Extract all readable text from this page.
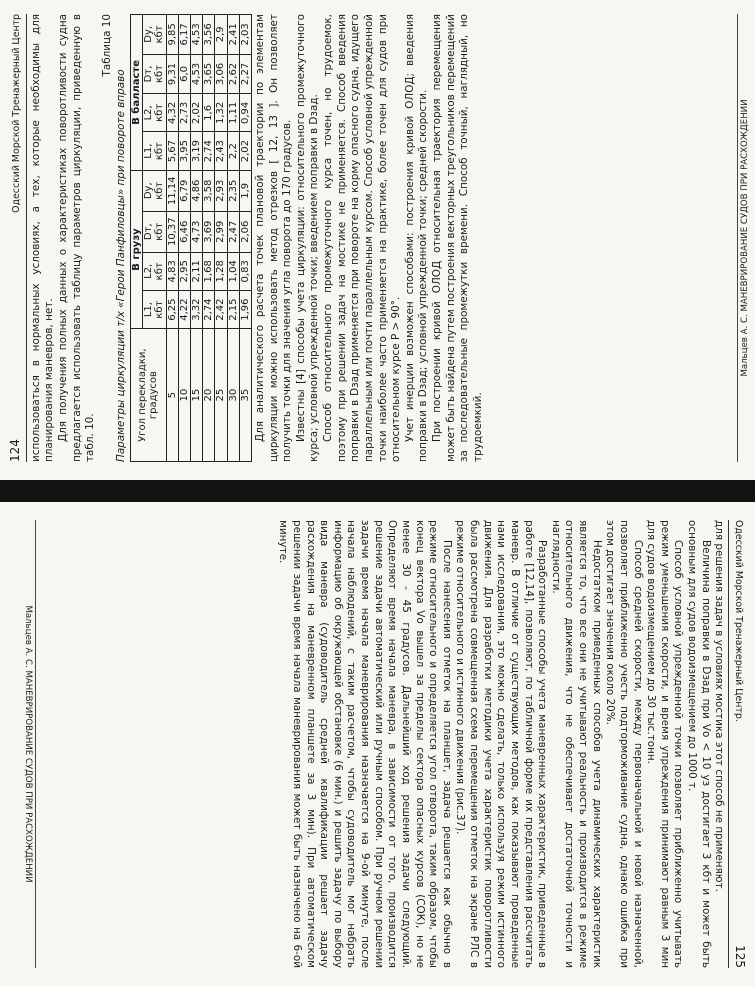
124
Одесский Морской Тренажерный Центр использоваться в нормальных условиях, а тех, которые необходимы для планирования маневров, нет. Для получения полных данных о характеристиках поворотливости судна предлагается использовать таблицу параметров циркуляции, приведенную в табл. 10.

Таблица 10
Параметры циркуляции т/х «Герои Панфиловцы» при повороте вправо Угол перекладки, градусов	В грузу				В балласте			
	L1, кбт	L2, кбт	Dт, кбт	Dy, кбт	L1, кбт	L2, кбт	Dт, кбт	Dy, кбт
5	6,25	4,83	10,37	11,14	5,67	4,32	9,31	9,85
10	4,22	2,95	6,46	6,79	3,95	2,73	6,0	6,17
15	3,32	2,11	4,73	4,86	3,19	2,02	4,53	4,53
20	2,74	1,68	3,69	3,58	2,74	1,6	3,65	3,56
25	2,42	1,28	2,99	2,93	2,43	1,32	3,06	2,9
30	2,15	1,04	2,47	2,35	2,2	1,11	2,62	2,41
35	1,96	0,83	2,06	1,9	2,02	0,94	2,27	2,03 Для аналитического расчета точек плановой траектории по элементам циркуляции можно использовать метод отрезков [ 12, 13 ]. Он позволяет получить точки для значения угла поворота до 170 градусов. Известны [4] способы учета циркуляции: относительного промежуточного курса; условной упрежденной точки; введением поправки в Dзад. Способ относительного промежуточного курса точен, но трудоемок, поэтому при решении задач на мостике не применяется. Способ введения поправки в Dзад применяется при повороте на корму опасного судна, идущего параллельным или почти параллельным курсом. Способ условной упрежденной точки наиболее часто применяется на практике, более точен для судов при относительном курсе Р > 90°. Учет инерции возможен способами: построения кривой ОЛОД; введения поправки в Dзад; условной упрежденной точки; средней скорости. При построении кривой ОЛОД относительная траектория перемещения может быть найдена путем построения векторных треугольников перемещений за последовательные промежутки времени. Способ точный, наглядный, но трудоемкий.

Мальцев А. С. МАНЕВРИРОВАНИЕ СУДОВ ПРИ РАСХОЖДЕНИИ
Одесский Морской Тренажерный Центр.
125

для решения задач в условиях мостика этот способ не применяют.

Величина поправки в Dзад при Vо < 10 уз достигает 3 кбт и может быть основным для судов водоизмещением до 1000 т.

Способ условной упрежденной точки позволяет приближенно учитывать режим уменьшения скорости, и время упреждения принимают равным 3 мин для судов водоизмещением до 30 тыс.тонн.

Способ средней скорости, между первоначальной и новой назначенной, позволяет приближенно учесть подторможивание судна, однако ошибка при этом достигает значения около 20%.

Недостатком приведенных способов учета динамических характеристик является то, что все они не учитывают реальность и производится в режиме относительного движения, что не обеспечивает достаточной точности и наглядности.

Разработанные способы учета маневренных характеристик, приведенные в работе [12,14], позволяют, по табличной форме их представления рассчитать маневр. В отличие от существующих методов, как показывают проведенные нами исследования, это можно сделать, только используя режим истинного движения. Для разработки методики учета характеристик поворотливости была рассмотрена совмещенная схема перемещения отметок на экране РЛС в режиме относительного и истинного движения (рис.37).

После нанесения отметок на планшет, задача решается как обычно в режиме относительного и определяется угол отворота, таким образом, чтобы конец вектора Vо вышел за пределы сектора опасных курсов (СОК), но не менее 30 - 45 градусов. Дальнейший ход решения задачи следующий. Определяют время начала маневра, в зависимости от того, производится решение задачи автоматический или ручным способом. При ручном решении задачи время начала маневрирования назначается на 9-ой минуте, после начала наблюдений, с таким расчетом, чтобы судоводитель мог набрать информацию об окружающей обстановке (6 мин.) и решить задачу по выбору вида маневра (судоводитель средней квалификации решает задачу расхождения на маневренном планшете за 3 мин). При автоматическом решении задачи время начала маневрирования может быть назначено на 6-ой минуте.

Мальцев А. С. МАНЕВРИРОВАНИЕ СУДОВ ПРИ РАСХОЖДЕНИИ
